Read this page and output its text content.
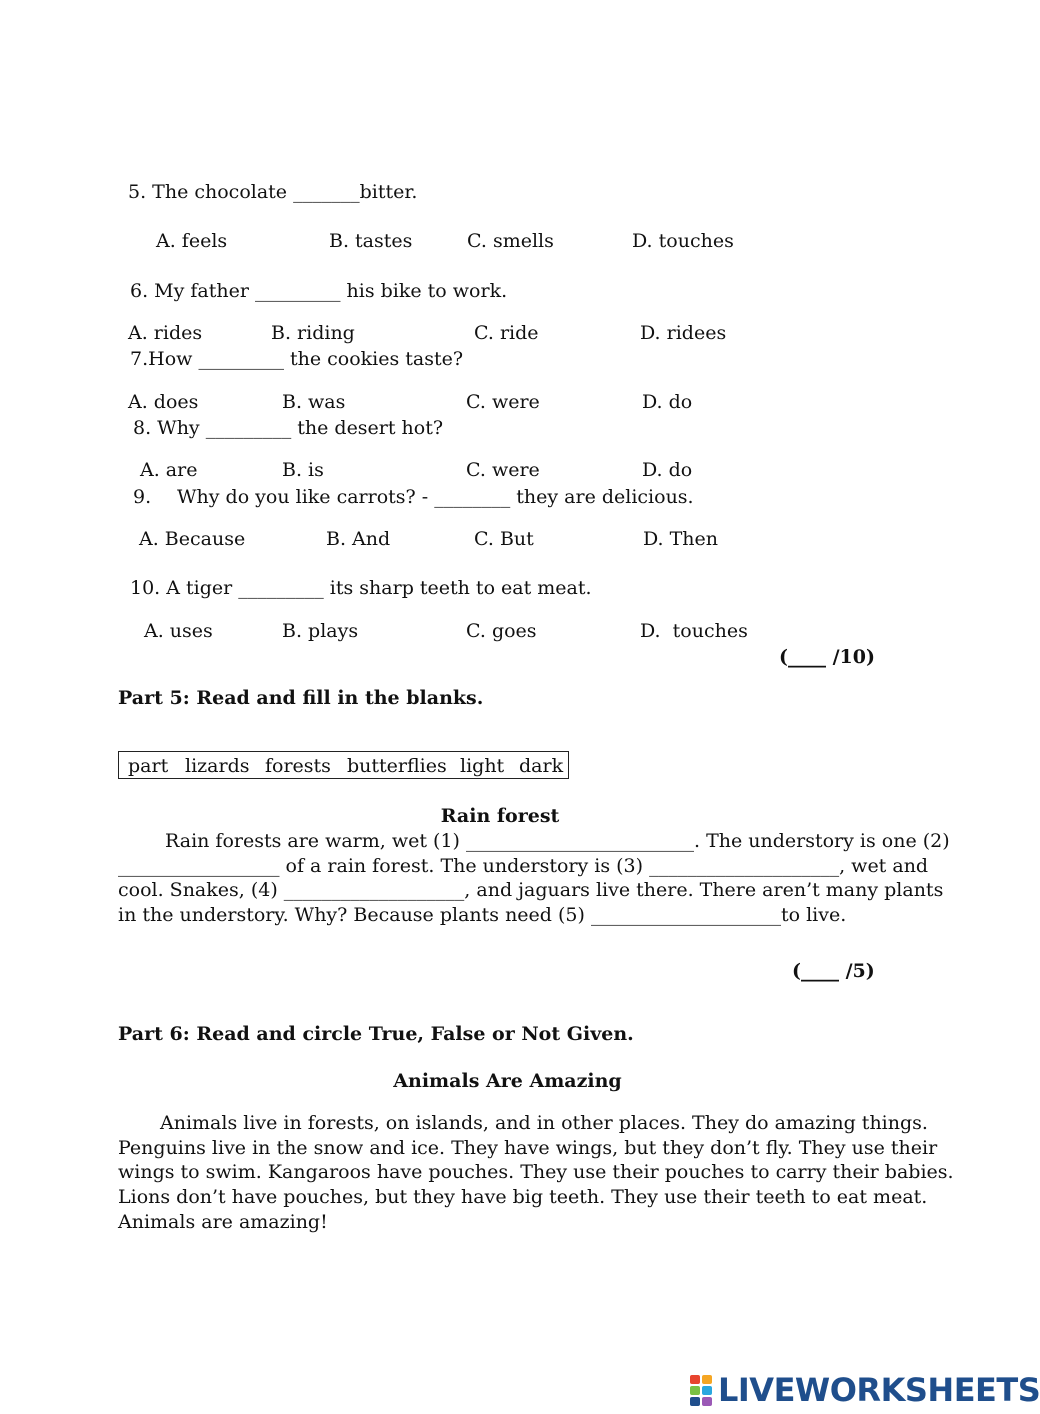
5. The chocolate _______bitter.
A. feels	B. tastes	C. smells	D. touches
6. My father _________ his bike to work.
A. rides	B. riding	C. ride	D. ridees
7.How _________ the cookies taste?
A. does	B. was	C. were	D. do
8. Why _________ the desert hot?
A. are	B. is	C. were	D. do
9. Why do you like carrots? - ________ they are delicious.
A. Because	B. And	C. But	D. Then
10. A tiger _________ its sharp teeth to eat meat.
A. uses	B. plays	C. goes	D.  touches
(____ /10)
Part 5: Read and fill in the blanks.
part lizards forests butterflies light dark
Rain forest
Rain forests are warm, wet (1) ________________________. The understory is one (2)
_________________ of a rain forest. The understory is (3) ____________________, wet and
cool. Snakes, (4) ___________________, and jaguars live there. There aren’t many plants
in the understory. Why? Because plants need (5) ____________________to live.
(____ /5)
Part 6: Read and circle True, False or Not Given.
Animals Are Amazing
Animals live in forests, on islands, and in other places. They do amazing things.
Penguins live in the snow and ice. They have wings, but they don’t fly. They use their
wings to swim. Kangaroos have pouches. They use their pouches to carry their babies.
Lions don’t have pouches, but they have big teeth. They use their teeth to eat meat.
Animals are amazing!
LIVEWORKSHEETS
